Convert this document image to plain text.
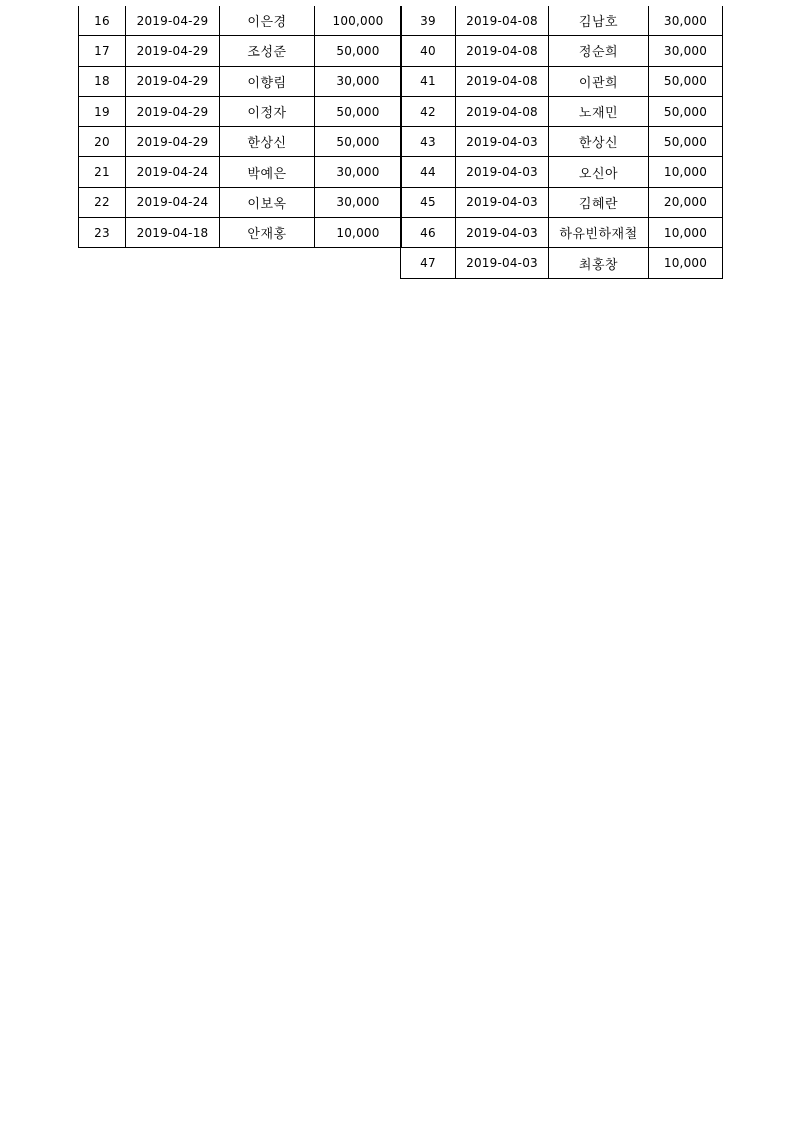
16	2019-04-29	이은경	100,000
17	2019-04-29	조성준	50,000
18	2019-04-29	이향림	30,000
19	2019-04-29	이정자	50,000
20	2019-04-29	한상신	50,000
21	2019-04-24	박예은	30,000
22	2019-04-24	이보옥	30,000
23	2019-04-18	안재홍	10,000
39	2019-04-08	김남호	30,000
40	2019-04-08	정순희	30,000
41	2019-04-08	이관희	50,000
42	2019-04-08	노재민	50,000
43	2019-04-03	한상신	50,000
44	2019-04-03	오신아	10,000
45	2019-04-03	김혜란	20,000
46	2019-04-03	하유빈하재철	10,000
47	2019-04-03	최홍창	10,000
